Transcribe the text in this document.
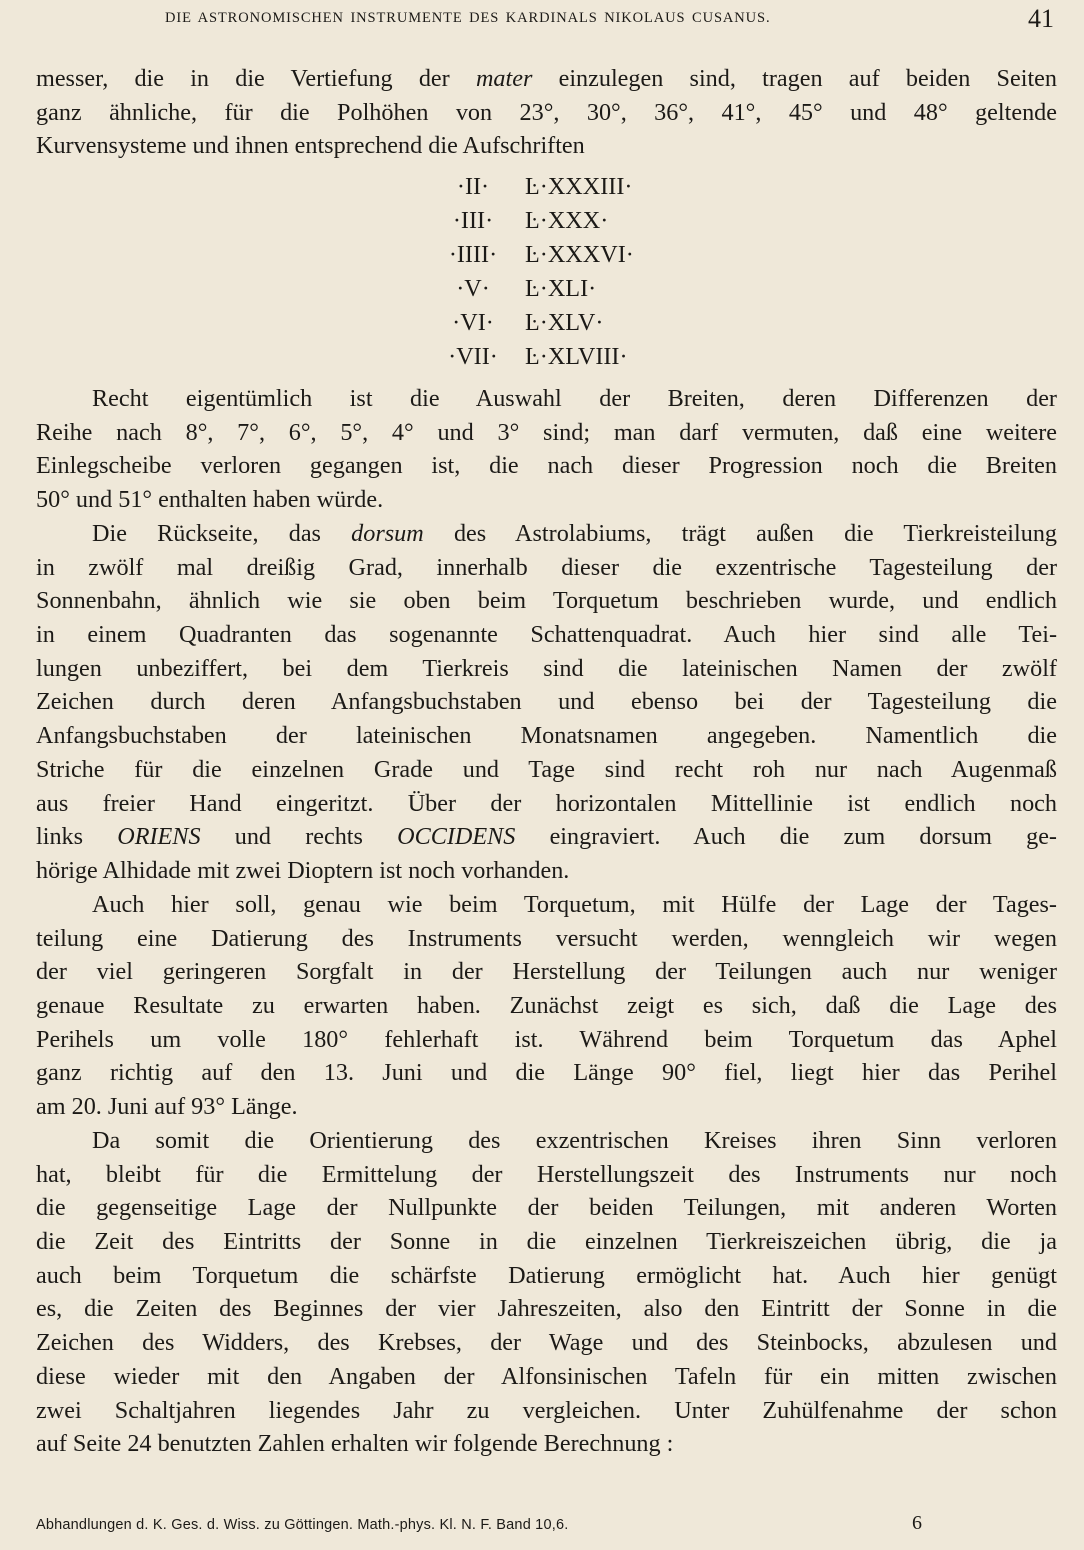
DIE ASTRONOMISCHEN INSTRUMENTE DES KARDINALS NIKOLAUS CUSANUS.	41
messer, die in die Vertiefung der mater einzulegen sind, tragen auf beiden Seiten
ganz ähnliche, für die Polhöhen von 23°, 30°, 36°, 41°, 45° und 48° geltende
Kurvensysteme und ihnen entsprechend die Aufschriften
·II·	Ŀ·XXXIII·
·III·	Ŀ·XXX·
·IIII·	Ŀ·XXXVI·
·V·	Ŀ·XLI·
·VI·	Ŀ·XLV·
·VII·	Ŀ·XLVIII·
Recht eigentümlich ist die Auswahl der Breiten, deren Differenzen der
Reihe nach 8°, 7°, 6°, 5°, 4° und 3° sind; man darf vermuten, daß eine weitere
Einlegscheibe verloren gegangen ist, die nach dieser Progression noch die Breiten
50° und 51° enthalten haben würde.
Die Rückseite, das dorsum des Astrolabiums, trägt außen die Tierkreisteilung
in zwölf mal dreißig Grad, innerhalb dieser die exzentrische Tagesteilung der
Sonnenbahn, ähnlich wie sie oben beim Torquetum beschrieben wurde, und endlich
in einem Quadranten das sogenannte Schattenquadrat. Auch hier sind alle Tei-
lungen unbeziffert, bei dem Tierkreis sind die lateinischen Namen der zwölf
Zeichen durch deren Anfangsbuchstaben und ebenso bei der Tagesteilung die
Anfangsbuchstaben der lateinischen Monatsnamen angegeben. Namentlich die
Striche für die einzelnen Grade und Tage sind recht roh nur nach Augenmaß
aus freier Hand eingeritzt. Über der horizontalen Mittellinie ist endlich noch
links ORIENS und rechts OCCIDENS eingraviert. Auch die zum dorsum ge-
hörige Alhidade mit zwei Dioptern ist noch vorhanden.
Auch hier soll, genau wie beim Torquetum, mit Hülfe der Lage der Tages-
teilung eine Datierung des Instruments versucht werden, wenngleich wir wegen
der viel geringeren Sorgfalt in der Herstellung der Teilungen auch nur weniger
genaue Resultate zu erwarten haben. Zunächst zeigt es sich, daß die Lage des
Perihels um volle 180° fehlerhaft ist. Während beim Torquetum das Aphel
ganz richtig auf den 13. Juni und die Länge 90° fiel, liegt hier das Perihel
am 20. Juni auf 93° Länge.
Da somit die Orientierung des exzentrischen Kreises ihren Sinn verloren
hat, bleibt für die Ermittelung der Herstellungszeit des Instruments nur noch
die gegenseitige Lage der Nullpunkte der beiden Teilungen, mit anderen Worten
die Zeit des Eintritts der Sonne in die einzelnen Tierkreiszeichen übrig, die ja
auch beim Torquetum die schärfste Datierung ermöglicht hat. Auch hier genügt
es, die Zeiten des Beginnes der vier Jahreszeiten, also den Eintritt der Sonne in die
Zeichen des Widders, des Krebses, der Wage und des Steinbocks, abzulesen und
diese wieder mit den Angaben der Alfonsinischen Tafeln für ein mitten zwischen
zwei Schaltjahren liegendes Jahr zu vergleichen. Unter Zuhülfenahme der schon
auf Seite 24 benutzten Zahlen erhalten wir folgende Berechnung :
Abhandlungen d. K. Ges. d. Wiss. zu Göttingen. Math.-phys. Kl. N. F. Band 10,6.	6
